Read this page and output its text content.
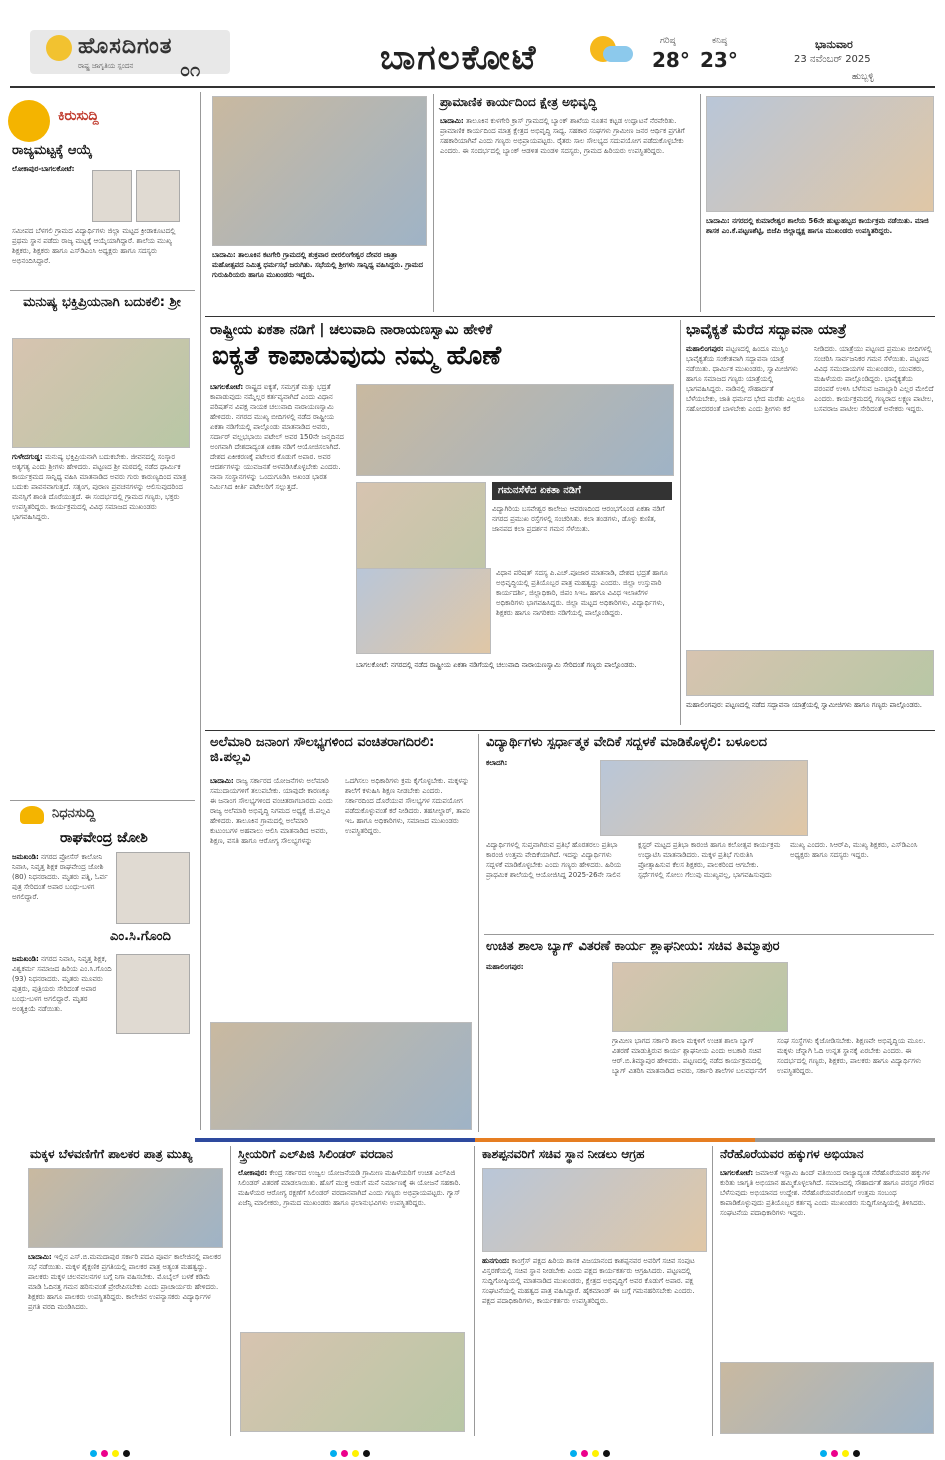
ಹೊಸದಿಗಂತ
ರಾಷ್ಟ್ರ ಜಾಗೃತಿಯ ಸ್ಪಂದನ	೦೧	ಬಾಗಲಕೋಟೆ	ಗರಿಷ್ಠ
28°
ಕನಿಷ್ಠ
23°
ಭಾನುವಾರ
23 ನವೆಂಬರ್ 2025
ಹುಬ್ಬಳ್ಳಿ
ಕಿರುಸುದ್ದಿ
ರಾಜ್ಯಮಟ್ಟಕ್ಕೆ ಆಯ್ಕೆ
ಲೋಕಾಪುರ-ಬಾಗಲಕೋಟೆ:
ಸಮೀಪದ ಬೆಳಗಲಿ ಗ್ರಾಮದ ವಿದ್ಯಾರ್ಥಿಗಳು ಜಿಲ್ಲಾ ಮಟ್ಟದ ಕ್ರೀಡಾಕೂಟದಲ್ಲಿ ಪ್ರಥಮ ಸ್ಥಾನ ಪಡೆದು ರಾಜ್ಯ ಮಟ್ಟಕ್ಕೆ ಆಯ್ಕೆಯಾಗಿದ್ದಾರೆ. ಶಾಲೆಯ ಮುಖ್ಯ ಶಿಕ್ಷಕರು, ಶಿಕ್ಷಕರು ಹಾಗೂ ಎಸ್‌ಡಿಎಂಸಿ ಅಧ್ಯಕ್ಷರು ಹಾಗೂ ಸದಸ್ಯರು ಅಭಿನಂದಿಸಿದ್ದಾರೆ.
ಮನುಷ್ಯ ಭಕ್ತಿಪ್ರಿಯನಾಗಿ ಬದುಕಲಿ: ಶ್ರೀ
ಗುಳೇದಗುಡ್ಡ: ಮನುಷ್ಯ ಭಕ್ತಿಪ್ರಿಯನಾಗಿ ಬದುಕಬೇಕು. ಜೀವನದಲ್ಲಿ ಸಂಸ್ಕಾರ ಅತ್ಯಗತ್ಯ ಎಂದು ಶ್ರೀಗಳು ಹೇಳಿದರು. ಪಟ್ಟಣದ ಶ್ರೀ ಮಠದಲ್ಲಿ ನಡೆದ ಧಾರ್ಮಿಕ ಕಾರ್ಯಕ್ರಮದ ಸಾನ್ನಿಧ್ಯ ವಹಿಸಿ ಮಾತನಾಡಿದ ಅವರು ಗುರು ಕಾರುಣ್ಯದಿಂದ ಮಾತ್ರ ಬದುಕು ಪಾವನವಾಗುತ್ತದೆ. ಸತ್ಸಂಗ, ಪುರಾಣ ಪ್ರವಚನಗಳನ್ನು ಆಲಿಸುವುದರಿಂದ ಮನಸ್ಸಿಗೆ ಶಾಂತಿ ದೊರೆಯುತ್ತದೆ. ಈ ಸಂದರ್ಭದಲ್ಲಿ ಗ್ರಾಮದ ಗಣ್ಯರು, ಭಕ್ತರು ಉಪಸ್ಥಿತರಿದ್ದರು. ಕಾರ್ಯಕ್ರಮದಲ್ಲಿ ವಿವಿಧ ಸಮಾಜದ ಮುಖಂಡರು ಭಾಗವಹಿಸಿದ್ದರು.
ನಿಧನಸುದ್ದಿ
ರಾಘವೇಂದ್ರ ಜೋಶಿ
ಜಮಖಂಡಿ: ನಗರದ ಪ್ರೋಸೆಸ್ ಕಾಲೋನಿ ನಿವಾಸಿ, ನಿವೃತ್ತ ಶಿಕ್ಷಕ ರಾಘವೇಂದ್ರ ಜೋಶಿ (80) ನಿಧನರಾದರು. ಮೃತರು ಪತ್ನಿ, ಓರ್ವ ಪುತ್ರ ಸೇರಿದಂತೆ ಅಪಾರ ಬಂಧು-ಬಳಗ ಅಗಲಿದ್ದಾರೆ.
ಎಂ.ಸಿ.ಗೊಂದಿ
ಜಮಖಂಡಿ: ನಗರದ ನಿವಾಸಿ, ನಿವೃತ್ತ ಶಿಕ್ಷಕ, ವಿಶ್ವಕರ್ಮ ಸಮಾಜದ ಹಿರಿಯ ಎಂ.ಸಿ.ಗೊಂದಿ (93) ನಿಧನರಾದರು. ಮೃತರು ಮೂವರು ಪುತ್ರರು, ಪುತ್ರಿಯರು ಸೇರಿದಂತೆ ಅಪಾರ ಬಂಧು-ಬಳಗ ಅಗಲಿದ್ದಾರೆ. ಮೃತರ ಅಂತ್ಯಕ್ರಿಯೆ ನಡೆಯಿತು.
ಬಾದಾಮಿ: ತಾಲೂಕಿನ ಕಟಗೇರಿ ಗ್ರಾಮದಲ್ಲಿ ಶುಕ್ರವಾರ ಬೀರಲಿಂಗೇಶ್ವರ ದೇವರ ಜಾತ್ರಾ ಮಹೋತ್ಸವದ ನಿಮಿತ್ತ ಧರ್ಮಸಭೆ ಜರುಗಿತು. ಸಭೆಯಲ್ಲಿ ಶ್ರೀಗಳು ಸಾನ್ನಿಧ್ಯ ವಹಿಸಿದ್ದರು. ಗ್ರಾಮದ ಗುರುಹಿರಿಯರು ಹಾಗೂ ಮುಖಂಡರು ಇದ್ದರು.
ಪ್ರಾಮಾಣಿಕ ಕಾರ್ಯದಿಂದ ಕ್ಷೇತ್ರ ಅಭಿವೃದ್ಧಿ
ಬಾದಾಮಿ: ತಾಲೂಕಿನ ಕುಳಗೇರಿ ಕ್ರಾಸ್ ಗ್ರಾಮದಲ್ಲಿ ಬ್ಯಾಂಕ್ ಶಾಖೆಯ ನೂತನ ಕಟ್ಟಡ ಉದ್ಘಾಟನೆ ನೆರವೇರಿತು. ಪ್ರಾಮಾಣಿಕ ಕಾರ್ಯದಿಂದ ಮಾತ್ರ ಕ್ಷೇತ್ರದ ಅಭಿವೃದ್ಧಿ ಸಾಧ್ಯ. ಸಹಕಾರ ಸಂಘಗಳು ಗ್ರಾಮೀಣ ಜನರ ಆರ್ಥಿಕ ಪ್ರಗತಿಗೆ ಸಹಕಾರಿಯಾಗಿವೆ ಎಂದು ಗಣ್ಯರು ಅಭಿಪ್ರಾಯಪಟ್ಟರು. ರೈತರು ಸಾಲ ಸೌಲಭ್ಯದ ಸದುಪಯೋಗ ಪಡೆದುಕೊಳ್ಳಬೇಕು ಎಂದರು. ಈ ಸಂದರ್ಭದಲ್ಲಿ ಬ್ಯಾಂಕ್ ಆಡಳಿತ ಮಂಡಳಿ ಸದಸ್ಯರು, ಗ್ರಾಮದ ಹಿರಿಯರು ಉಪಸ್ಥಿತರಿದ್ದರು.
ಬಾದಾಮಿ: ನಗರದಲ್ಲಿ ಕುಮಾರೇಶ್ವರ ಶಾಲೆಯ 56ನೇ ಹುಟ್ಟುಹಬ್ಬದ ಕಾರ್ಯಕ್ರಮ ನಡೆಯಿತು. ಮಾಜಿ ಶಾಸಕ ಎಂ.ಕೆ.ಪಟ್ಟಣಶೆಟ್ಟಿ, ಬಿಜೆಪಿ ಜಿಲ್ಲಾಧ್ಯಕ್ಷ ಹಾಗೂ ಮುಖಂಡರು ಉಪಸ್ಥಿತರಿದ್ದರು.
ರಾಷ್ಟ್ರೀಯ ಏಕತಾ ನಡಿಗೆ | ಚಲುವಾದಿ ನಾರಾಯಣಸ್ವಾಮಿ ಹೇಳಿಕೆ
ಐಕ್ಯತೆ ಕಾಪಾಡುವುದು ನಮ್ಮ ಹೊಣೆ
ಬಾಗಲಕೋಟೆ: ರಾಷ್ಟ್ರದ ಐಕ್ಯತೆ, ಸಮಗ್ರತೆ ಮತ್ತು ಭದ್ರತೆ ಕಾಪಾಡುವುದು ನಮ್ಮೆಲ್ಲರ ಕರ್ತವ್ಯವಾಗಿದೆ ಎಂದು ವಿಧಾನ ಪರಿಷತ್‌ನ ವಿಪಕ್ಷ ನಾಯಕ ಚಲುವಾದಿ ನಾರಾಯಣಸ್ವಾಮಿ ಹೇಳಿದರು. ನಗರದ ಮುಖ್ಯ ಬೀದಿಗಳಲ್ಲಿ ನಡೆದ ರಾಷ್ಟ್ರೀಯ ಏಕತಾ ನಡಿಗೆಯಲ್ಲಿ ಪಾಲ್ಗೊಂಡು ಮಾತನಾಡಿದ ಅವರು, ಸರ್ದಾರ್ ವಲ್ಲಭಭಾಯಿ ಪಟೇಲ್ ಅವರ 150ನೇ ಜನ್ಮದಿನದ ಅಂಗವಾಗಿ ದೇಶದಾದ್ಯಂತ ಏಕತಾ ನಡಿಗೆ ಆಯೋಜಿಸಲಾಗಿದೆ. ದೇಶದ ಏಕೀಕರಣಕ್ಕೆ ಪಟೇಲರ ಕೊಡುಗೆ ಅಪಾರ. ಅವರ ಆದರ್ಶಗಳನ್ನು ಯುವಜನತೆ ಅಳವಡಿಸಿಕೊಳ್ಳಬೇಕು ಎಂದರು. ನಾನಾ ಸಂಸ್ಥಾನಗಳನ್ನು ಒಂದುಗೂಡಿಸಿ ಅಖಂಡ ಭಾರತ ನಿರ್ಮಿಸಿದ ಕೀರ್ತಿ ಪಟೇಲರಿಗೆ ಸಲ್ಲುತ್ತದೆ.	ಗಮನಸೆಳೆದ ಏಕತಾ ನಡಿಗೆ
ವಿದ್ಯಾಗಿರಿಯ ಬಸವೇಶ್ವರ ಕಾಲೇಜು ಆವರಣದಿಂದ ಆರಂಭಗೊಂಡ ಏಕತಾ ನಡಿಗೆ ನಗರದ ಪ್ರಮುಖ ರಸ್ತೆಗಳಲ್ಲಿ ಸಂಚರಿಸಿತು. ಕಲಾ ತಂಡಗಳು, ಡೊಳ್ಳು ಕುಣಿತ, ಜಾನಪದ ಕಲಾ ಪ್ರದರ್ಶನ ಗಮನ ಸೆಳೆಯಿತು.
ವಿಧಾನ ಪರಿಷತ್ ಸದಸ್ಯ ಪಿ.ಎಚ್.ಪೂಜಾರ ಮಾತನಾಡಿ, ದೇಶದ ಭದ್ರತೆ ಹಾಗೂ ಅಭಿವೃದ್ಧಿಯಲ್ಲಿ ಪ್ರತಿಯೊಬ್ಬರ ಪಾತ್ರ ಮಹತ್ವದ್ದು ಎಂದರು. ಜಿಲ್ಲಾ ಉಸ್ತುವಾರಿ ಕಾರ್ಯದರ್ಶಿ, ಜಿಲ್ಲಾಧಿಕಾರಿ, ಜಿಪಂ ಸಿಇಒ ಹಾಗೂ ವಿವಿಧ ಇಲಾಖೆಗಳ ಅಧಿಕಾರಿಗಳು ಭಾಗವಹಿಸಿದ್ದರು. ಜಿಲ್ಲಾ ಮಟ್ಟದ ಅಧಿಕಾರಿಗಳು, ವಿದ್ಯಾರ್ಥಿಗಳು, ಶಿಕ್ಷಕರು ಹಾಗೂ ನಾಗರಿಕರು ನಡಿಗೆಯಲ್ಲಿ ಪಾಲ್ಗೊಂಡಿದ್ದರು.
ಬಾಗಲಕೋಟೆ: ನಗರದಲ್ಲಿ ನಡೆದ ರಾಷ್ಟ್ರೀಯ ಏಕತಾ ನಡಿಗೆಯಲ್ಲಿ ಚಲುವಾದಿ ನಾರಾಯಣಸ್ವಾಮಿ ಸೇರಿದಂತೆ ಗಣ್ಯರು ಪಾಲ್ಗೊಂಡರು.
ಭಾವೈಕ್ಯತೆ ಮೆರೆದ ಸದ್ಭಾವನಾ ಯಾತ್ರೆ
ಮಹಾಲಿಂಗಪುರ: ಪಟ್ಟಣದಲ್ಲಿ ಹಿಂದೂ ಮುಸ್ಲಿಂ ಭಾವೈಕ್ಯತೆಯ ಸಂಕೇತವಾಗಿ ಸದ್ಭಾವನಾ ಯಾತ್ರೆ ನಡೆಯಿತು. ಧಾರ್ಮಿಕ ಮುಖಂಡರು, ಸ್ವಾಮೀಜಿಗಳು ಹಾಗೂ ಸಮಾಜದ ಗಣ್ಯರು ಯಾತ್ರೆಯಲ್ಲಿ ಭಾಗವಹಿಸಿದ್ದರು. ನಾಡಿನಲ್ಲಿ ಸೌಹಾರ್ದತೆ ಬೆಳೆಯಬೇಕು, ಜಾತಿ ಧರ್ಮದ ಭೇದ ಮರೆತು ಎಲ್ಲರೂ ಸಹೋದರರಂತೆ ಬಾಳಬೇಕು ಎಂದು ಶ್ರೀಗಳು ಕರೆ ನೀಡಿದರು. ಯಾತ್ರೆಯು ಪಟ್ಟಣದ ಪ್ರಮುಖ ಬೀದಿಗಳಲ್ಲಿ ಸಂಚರಿಸಿ ಸಾರ್ವಜನಿಕರ ಗಮನ ಸೆಳೆಯಿತು. ಪಟ್ಟಣದ ವಿವಿಧ ಸಮುದಾಯಗಳ ಮುಖಂಡರು, ಯುವಕರು, ಮಹಿಳೆಯರು ಪಾಲ್ಗೊಂಡಿದ್ದರು. ಭಾವೈಕ್ಯತೆಯ ಪರಂಪರೆ ಉಳಿಸಿ ಬೆಳೆಸುವ ಜವಾಬ್ದಾರಿ ಎಲ್ಲರ ಮೇಲಿದೆ ಎಂದರು. ಕಾರ್ಯಕ್ರಮದಲ್ಲಿ ಗಣ್ಯರಾದ ಲಕ್ಷ್ಮಣ ಪಾಟೀಲ, ಬಸವರಾಜ ಪಾಟೀಲ ಸೇರಿದಂತೆ ಅನೇಕರು ಇದ್ದರು.
ಮಹಾಲಿಂಗಪುರ: ಪಟ್ಟಣದಲ್ಲಿ ನಡೆದ ಸದ್ಭಾವನಾ ಯಾತ್ರೆಯಲ್ಲಿ ಸ್ವಾಮೀಜಿಗಳು ಹಾಗೂ ಗಣ್ಯರು ಪಾಲ್ಗೊಂಡರು.
ಅಲೆಮಾರಿ ಜನಾಂಗ ಸೌಲಭ್ಯಗಳಿಂದ ವಂಚಿತರಾಗದಿರಲಿ: ಜಿ.ಪಲ್ಲವಿ
ಬಾದಾಮಿ: ರಾಜ್ಯ ಸರ್ಕಾರದ ಯೋಜನೆಗಳು ಅಲೆಮಾರಿ ಸಮುದಾಯಗಳಿಗೆ ತಲುಪಬೇಕು. ಯಾವುದೇ ಕಾರಣಕ್ಕೂ ಈ ಜನಾಂಗ ಸೌಲಭ್ಯಗಳಿಂದ ವಂಚಿತರಾಗಬಾರದು ಎಂದು ರಾಜ್ಯ ಅಲೆಮಾರಿ ಅಭಿವೃದ್ಧಿ ನಿಗಮದ ಅಧ್ಯಕ್ಷೆ ಜಿ.ಪಲ್ಲವಿ ಹೇಳಿದರು. ತಾಲೂಕಿನ ಗ್ರಾಮದಲ್ಲಿ ಅಲೆಮಾರಿ ಕುಟುಂಬಗಳ ಅಹವಾಲು ಆಲಿಸಿ ಮಾತನಾಡಿದ ಅವರು, ಶಿಕ್ಷಣ, ವಸತಿ ಹಾಗೂ ಆರೋಗ್ಯ ಸೌಲಭ್ಯಗಳನ್ನು ಒದಗಿಸಲು ಅಧಿಕಾರಿಗಳು ಕ್ರಮ ಕೈಗೊಳ್ಳಬೇಕು. ಮಕ್ಕಳನ್ನು ಶಾಲೆಗೆ ಕಳುಹಿಸಿ ಶಿಕ್ಷಣ ನೀಡಬೇಕು ಎಂದರು. ಸರ್ಕಾರದಿಂದ ದೊರೆಯುವ ಸೌಲಭ್ಯಗಳ ಸದುಪಯೋಗ ಪಡೆದುಕೊಳ್ಳುವಂತೆ ಕರೆ ನೀಡಿದರು. ತಹಸೀಲ್ದಾರ್, ತಾಪಂ ಇಒ ಹಾಗೂ ಅಧಿಕಾರಿಗಳು, ಸಮಾಜದ ಮುಖಂಡರು ಉಪಸ್ಥಿತರಿದ್ದರು.
ವಿದ್ಯಾರ್ಥಿಗಳು ಸ್ಪರ್ಧಾತ್ಮಕ ವೇದಿಕೆ ಸದ್ಬಳಕೆ ಮಾಡಿಕೊಳ್ಳಲಿ: ಬಳೂಲದ
ಕಲಾದಗಿ:
ವಿದ್ಯಾರ್ಥಿಗಳಲ್ಲಿ ಸುಪ್ತವಾಗಿರುವ ಪ್ರತಿಭೆ ಹೊರತರಲು ಪ್ರತಿಭಾ ಕಾರಂಜಿ ಉತ್ತಮ ವೇದಿಕೆಯಾಗಿದೆ. ಇದನ್ನು ವಿದ್ಯಾರ್ಥಿಗಳು ಸದ್ಬಳಕೆ ಮಾಡಿಕೊಳ್ಳಬೇಕು ಎಂದು ಗಣ್ಯರು ಹೇಳಿದರು. ಹಿರಿಯ ಪ್ರಾಥಮಿಕ ಶಾಲೆಯಲ್ಲಿ ಆಯೋಜಿಸಿದ್ದ 2025-26ನೇ ಸಾಲಿನ ಕ್ಲಸ್ಟರ್ ಮಟ್ಟದ ಪ್ರತಿಭಾ ಕಾರಂಜಿ ಹಾಗೂ ಕಲೋತ್ಸವ ಕಾರ್ಯಕ್ರಮ ಉದ್ಘಾಟಿಸಿ ಮಾತನಾಡಿದರು. ಮಕ್ಕಳ ಪ್ರತಿಭೆ ಗುರುತಿಸಿ ಪ್ರೋತ್ಸಾಹಿಸುವ ಕೆಲಸ ಶಿಕ್ಷಕರು, ಪಾಲಕರಿಂದ ಆಗಬೇಕು. ಸ್ಪರ್ಧೆಗಳಲ್ಲಿ ಸೋಲು ಗೆಲುವು ಮುಖ್ಯವಲ್ಲ, ಭಾಗವಹಿಸುವುದು ಮುಖ್ಯ ಎಂದರು. ಸಿಆರ್‌ಪಿ, ಮುಖ್ಯ ಶಿಕ್ಷಕರು, ಎಸ್‌ಡಿಎಂಸಿ ಅಧ್ಯಕ್ಷರು ಹಾಗೂ ಸದಸ್ಯರು ಇದ್ದರು.
ಉಚಿತ ಶಾಲಾ ಬ್ಯಾಗ್ ವಿತರಣೆ ಕಾರ್ಯ ಶ್ಲಾಘನೀಯ: ಸಚಿವ ತಿಮ್ಮಾಪುರ
ಮಹಾಲಿಂಗಪುರ:
ಗ್ರಾಮೀಣ ಭಾಗದ ಸರ್ಕಾರಿ ಶಾಲಾ ಮಕ್ಕಳಿಗೆ ಉಚಿತ ಶಾಲಾ ಬ್ಯಾಗ್ ವಿತರಣೆ ಮಾಡುತ್ತಿರುವ ಕಾರ್ಯ ಶ್ಲಾಘನೀಯ ಎಂದು ಅಬಕಾರಿ ಸಚಿವ ಆರ್.ಬಿ.ತಿಮ್ಮಾಪುರ ಹೇಳಿದರು. ಪಟ್ಟಣದಲ್ಲಿ ನಡೆದ ಕಾರ್ಯಕ್ರಮದಲ್ಲಿ ಬ್ಯಾಗ್ ವಿತರಿಸಿ ಮಾತನಾಡಿದ ಅವರು, ಸರ್ಕಾರಿ ಶಾಲೆಗಳ ಬಲವರ್ಧನೆಗೆ ಸಂಘ ಸಂಸ್ಥೆಗಳು ಕೈಜೋಡಿಸಬೇಕು. ಶಿಕ್ಷಣವೇ ಅಭಿವೃದ್ಧಿಯ ಮೂಲ. ಮಕ್ಕಳು ಚೆನ್ನಾಗಿ ಓದಿ ಉನ್ನತ ಸ್ಥಾನಕ್ಕೆ ಏರಬೇಕು ಎಂದರು. ಈ ಸಂದರ್ಭದಲ್ಲಿ ಗಣ್ಯರು, ಶಿಕ್ಷಕರು, ಪಾಲಕರು ಹಾಗೂ ವಿದ್ಯಾರ್ಥಿಗಳು ಉಪಸ್ಥಿತರಿದ್ದರು.
ಮಕ್ಕಳ ಬೆಳವಣಿಗೆಗೆ ಪಾಲಕರ ಪಾತ್ರ ಮುಖ್ಯ
ಬಾದಾಮಿ: ಇಲ್ಲಿನ ಎಸ್.ಬಿ.ಮಮದಾಪುರ ಸರ್ಕಾರಿ ಪದವಿ ಪೂರ್ವ ಕಾಲೇಜಿನಲ್ಲಿ ಪಾಲಕರ ಸಭೆ ನಡೆಯಿತು. ಮಕ್ಕಳ ಶೈಕ್ಷಣಿಕ ಪ್ರಗತಿಯಲ್ಲಿ ಪಾಲಕರ ಪಾತ್ರ ಅತ್ಯಂತ ಮಹತ್ವದ್ದು. ಪಾಲಕರು ಮಕ್ಕಳ ಚಲನವಲನಗಳ ಬಗ್ಗೆ ನಿಗಾ ವಹಿಸಬೇಕು. ಮೊಬೈಲ್ ಬಳಕೆ ಕಡಿಮೆ ಮಾಡಿ ಓದಿನತ್ತ ಗಮನ ಹರಿಸುವಂತೆ ಪ್ರೇರೇಪಿಸಬೇಕು ಎಂದು ಪ್ರಾಚಾರ್ಯರು ಹೇಳಿದರು. ಶಿಕ್ಷಕರು ಹಾಗೂ ಪಾಲಕರು ಉಪಸ್ಥಿತರಿದ್ದರು. ಕಾಲೇಜಿನ ಉಪನ್ಯಾಸಕರು ವಿದ್ಯಾರ್ಥಿಗಳ ಪ್ರಗತಿ ವರದಿ ಮಂಡಿಸಿದರು.
ಸ್ತ್ರೀಯರಿಗೆ ಎಲ್‌ಪಿಜಿ ಸಿಲಿಂಡರ್ ವರದಾನ
ಲೋಕಾಪುರ: ಕೇಂದ್ರ ಸರ್ಕಾರದ ಉಜ್ವಲ ಯೋಜನೆಯಡಿ ಗ್ರಾಮೀಣ ಮಹಿಳೆಯರಿಗೆ ಉಚಿತ ಎಲ್‌ಪಿಜಿ ಸಿಲಿಂಡರ್ ವಿತರಣೆ ಮಾಡಲಾಯಿತು. ಹೊಗೆ ಮುಕ್ತ ಅಡುಗೆ ಮನೆ ನಿರ್ಮಾಣಕ್ಕೆ ಈ ಯೋಜನೆ ಸಹಕಾರಿ. ಮಹಿಳೆಯರ ಆರೋಗ್ಯ ರಕ್ಷಣೆಗೆ ಸಿಲಿಂಡರ್ ವರದಾನವಾಗಿದೆ ಎಂದು ಗಣ್ಯರು ಅಭಿಪ್ರಾಯಪಟ್ಟರು. ಗ್ಯಾಸ್ ಏಜೆನ್ಸಿ ಮಾಲೀಕರು, ಗ್ರಾಮದ ಮುಖಂಡರು ಹಾಗೂ ಫಲಾನುಭವಿಗಳು ಉಪಸ್ಥಿತರಿದ್ದರು.
ಕಾಶಪ್ಪನವರಿಗೆ ಸಚಿವ ಸ್ಥಾನ ನೀಡಲು ಆಗ್ರಹ
ಹುನಗುಂದ: ಕಾಂಗ್ರೆಸ್ ಪಕ್ಷದ ಹಿರಿಯ ಶಾಸಕ ವಿಜಯಾನಂದ ಕಾಶಪ್ಪನವರ ಅವರಿಗೆ ಸಚಿವ ಸಂಪುಟ ವಿಸ್ತರಣೆಯಲ್ಲಿ ಸಚಿವ ಸ್ಥಾನ ನೀಡಬೇಕು ಎಂದು ಪಕ್ಷದ ಕಾರ್ಯಕರ್ತರು ಆಗ್ರಹಿಸಿದರು. ಪಟ್ಟಣದಲ್ಲಿ ಸುದ್ದಿಗೋಷ್ಠಿಯಲ್ಲಿ ಮಾತನಾಡಿದ ಮುಖಂಡರು, ಕ್ಷೇತ್ರದ ಅಭಿವೃದ್ಧಿಗೆ ಅವರ ಕೊಡುಗೆ ಅಪಾರ. ಪಕ್ಷ ಸಂಘಟನೆಯಲ್ಲಿ ಮಹತ್ವದ ಪಾತ್ರ ವಹಿಸಿದ್ದಾರೆ. ಹೈಕಮಾಂಡ್ ಈ ಬಗ್ಗೆ ಗಮನಹರಿಸಬೇಕು ಎಂದರು. ಪಕ್ಷದ ಪದಾಧಿಕಾರಿಗಳು, ಕಾರ್ಯಕರ್ತರು ಉಪಸ್ಥಿತರಿದ್ದರು.
ನೆರೆಹೊರೆಯವರ ಹಕ್ಕುಗಳ ಅಭಿಯಾನ
ಬಾಗಲಕೋಟೆ: ಜಮಾಅತೆ ಇಸ್ಲಾಮಿ ಹಿಂದ್ ವತಿಯಿಂದ ರಾಜ್ಯಾದ್ಯಂತ ನೆರೆಹೊರೆಯವರ ಹಕ್ಕುಗಳ ಕುರಿತು ಜಾಗೃತಿ ಅಭಿಯಾನ ಹಮ್ಮಿಕೊಳ್ಳಲಾಗಿದೆ. ಸಮಾಜದಲ್ಲಿ ಸೌಹಾರ್ದತೆ ಹಾಗೂ ಪರಸ್ಪರ ಗೌರವ ಬೆಳೆಸುವುದು ಅಭಿಯಾನದ ಉದ್ದೇಶ. ನೆರೆಹೊರೆಯವರೊಂದಿಗೆ ಉತ್ತಮ ಸಂಬಂಧ ಕಾಪಾಡಿಕೊಳ್ಳುವುದು ಪ್ರತಿಯೊಬ್ಬರ ಕರ್ತವ್ಯ ಎಂದು ಮುಖಂಡರು ಸುದ್ದಿಗೋಷ್ಠಿಯಲ್ಲಿ ತಿಳಿಸಿದರು. ಸಂಘಟನೆಯ ಪದಾಧಿಕಾರಿಗಳು ಇದ್ದರು.
